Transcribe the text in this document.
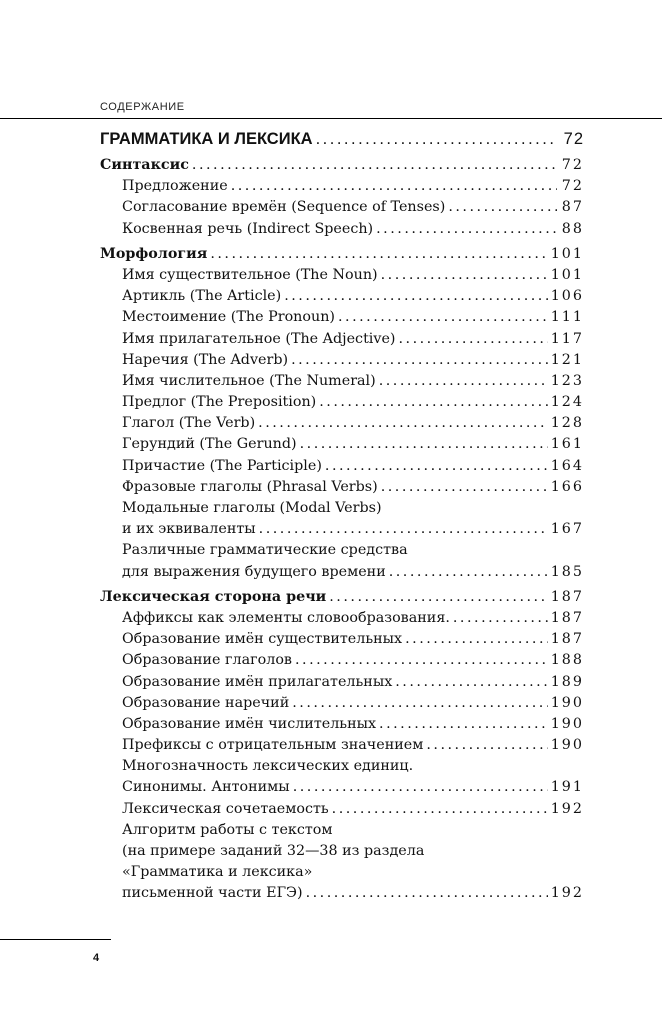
СОДЕРЖАНИЕ
ГРАММАТИКА И ЛЕКСИКА .....	72
Синтаксис .....	72
Предложение .....	72
Согласование времён (Sequence of Tenses) .....	87
Косвенная речь (Indirect Speech) .....	88
Морфология .....	101
Имя существительное (The Noun) .....	101
Артикль (The Article) .....	106
Местоимение (The Pronoun) .....	111
Имя прилагательное (The Adjective) .....	117
Наречия (The Adverb) .....	121
Имя числительное (The Numeral) .....	123
Предлог (The Preposition) .....	124
Глагол (The Verb) .....	128
Герундий (The Gerund) .....	161
Причастие (The Participle) .....	164
Фразовые глаголы (Phrasal Verbs) .....	166
Модальные глаголы (Modal Verbs)
и их эквиваленты .....	167
Различные грамматические средства
для выражения будущего времени .....	185
Лексическая сторона речи .....	187
Аффиксы как элементы словообразования. .....	187
Образование имён существительных .....	187
Образование глаголов .....	188
Образование имён прилагательных .....	189
Образование наречий .....	190
Образование имён числительных .....	190
Префиксы с отрицательным значением .....	190
Многозначность лексических единиц.
Синонимы. Антонимы .....	191
Лексическая сочетаемость .....	192
Алгоритм работы с текстом
(на примере заданий 32—38 из раздела
«Грамматика и лексика»
письменной части ЕГЭ) .....	192
4
